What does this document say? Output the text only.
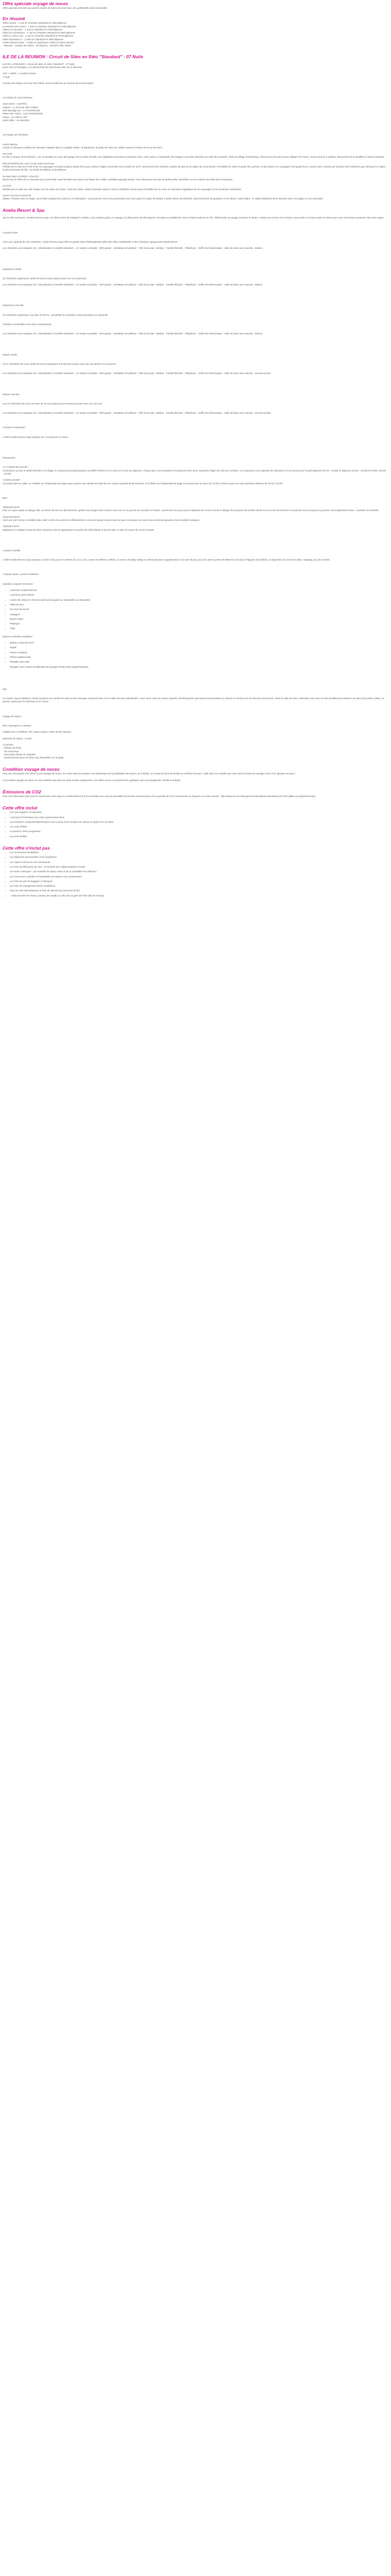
Offre spéciale voyage de noces

Offre spéciale réservée aux jeunes mariés de moins de neuf mois, des justificatifs seront demandés.

En résumé

Hôtel Austral - 1 nuit en Chambre Standard en Petit déjeuner

La Roches des Cimes - 1 nuit en Chambre Standard en Petit déjeuner

Hôtel La Fournaise - 1 nuit en Standard en Petit déjeuner

Hôtel Les Géraniums - 1 nuit en Chambre Standard en Petit déjeuner

Hôtel Le Vieux Cep - 1 nuit en Chambre Standard en Petit déjeuner

Hôtel Alamanda 3* - 2 nuits en Standard en Petit déjeuner

Anelia Resort & Spa - 7 nuits en Supérieure Jardin en Demi-pension

- Réunion - Soutien de culture - Île Maurice - transfert offre Intilaa

ILE DE LA REUNION : Circuit de Sites en Stéo "Standard" - 07 Nuits

ILE DE LA REUNION : Circuit de Sites en Stéo "Standard" - 07 Nuits

Entre mer et montagne, à la découverte des plus beaux sites de la Réunion.

Vols + Hôtels + Location Voiture

7 Nuits

Carnets des étapes et le tour des hôtels seront confirmés au moment de la réservation

Les hôtels de votre itinéraire

Saint Denis : AUSTRAL

Salazie : LA ROCHE DES CIMES

Sud Sauvage Est : LA FOURNAISE

Plaine des Cafres : LES GERANIUMS

Cilaos : LE VIEUX CEP

Saint Gilles : ALAMANDA

Les étapes de l'itinéraire

SAINT DENIS

Arrivée à l'aéroport et début de l'aventure. Balade dans la Capitale créole : le Barachois, le jardin de l'état, les vieilles maisons créoles de la rue de Paris...

SALAZIE

Un des 3 cirques de la Réunion : par sa situation au cœur des gorges de la rivière du Mât, une végétation luxuriante et présente avec, entre autres, le spectacle des longues cascades blanches du Voile de la Mariée. Visite du village d'Hell-Bourg, classé parmi les plus beaux villages de France. Avant d'arriver à Salazie, découverte de la Vanillerie à Sainte-Suzanne.

DÉCOUVERTE DE L'EST et DU SUD SAUVAGE

Profitez de la côte Est et l'Ile et de ses paysages escarpés jusqu'à Sainte Rose pour admirer l'église encerclée de la coulée de 1977. Découverte des récentes coulées de lave de la région du Grand Brulé. Possibilité de visiter le jardin des parfums et des épices en compagnie d'un guide local. Leurrés miel, montée par la plaine des Palmistes pour découvrir la région la plus luxuriante de l'île : les forêts de Bébour et de Bélouve.

PLAINE DES CAFRES / VOLCAN

Route vers le Piton de la Fournaise par la très belle route forestière qui mène à la Plaine des sables, véritable paysage lunaire. Puis découverte du Pas de Bellecombe, belvédère sur les cratères du Piton de la Fournaise.

CILAOS

Montée par la route aux 400 virages vers le cirque de Cilaos. Visite de Cilaos, station thermale située à 1220 m d'altitude connue pour le lentillet de ses eaux, le spectacle magnifique de ses paysages et ses broderies artisanales.

SAINT GILLES et MAFATE

Mafate, l'histoire avec le cirque, accessible uniquement à pied ou en hélicoptère. Vous pourrez vivre une promenade sans vous plaire le cirque de Mafate à 3000 mètres de dénivelé, impressionnant de grandeur et de silence. Saint-Gilles : le station balnéaire de la Réunion avec ses plages et son animation.

Anelia Resort & Spa

Sur la côte sud-ouest, l'Anelia Resort & Spa, est hôtel récent de catégorie 4 étoiles, vous séduira grâce un voyage à la découverte de l'Ile Maurice. Rustique et traditionnel, tout en étant moderne et chic, l'hôtel invite au voyage à travers le temps. Anelia vous convie vers histoire, vous invite à en faire partie et espère que vous vivrez bons souvenirs des votre séjour.

L'espace privé

Avec une capacité de 150 chambres, Anelia Resort & Spa offre un grand choix d'hébergement allant des villas individuelles à des chambres typiquement Mauriciennes.

Les chambres sont équipées de : Climatisation à contrôle individuel - L'é simple ou double - WiFi gratuit - Ventilateur de plafond - Télé écran plat - Minibar - Facilité thé/café - Téléphone - Coffre-fort électronique - salle de bains avec douche - Balcon

Supérieure Jardin

12 Chambres Supérieure Jardin de 30 m2 (avec balcon privé vue sur la piscine)

Les chambres sont équipées de : Climatisation à contrôle individuel - L'é simple ou double - WiFi gratuit - Ventilateur de plafond - Télé écran plat - Minibar - Facilité thé/café - Téléphone - Coffre-fort électronique - salle de bains avec douche - Balcon.

Supérieure Vue Mer

44 Chambres Supérieure Vue Mer de 30 m2 - possibilité de chambres communicantes sur demande.

Chambre confortable et de style contemporain.

Les chambres sont équipées de : Climatisation à contrôle individuel - L'é simple ou double - WiFi gratuit - Ventilateur de plafond - Télé écran plat - Minibar - Facilité thé/café - Téléphone - Coffre-fort électronique - salle de bains avec douche - Balcon.

Deluxe Jardin

Les 8 Chambres de Luxe Jardin de 40 m2 proposent une terrasse privée avec une vue directe sur la piscine.

Les chambres sont équipées de : Climatisation à contrôle individuel - L'é simple ou double - WiFi gratuit - Ventilateur de plafond - Télé écran plat - Minibar - Facilité thé/café - Téléphone - Coffre-fort électronique - salle de bains avec douche - terrasse privée.

Deluxe Vue Mer

Les 20 Chambres de Luxe Vue Mer de 40 m2 proposent une terrasse privée avec une vue mer.

Les chambres sont équipées de : Climatisation à contrôle individuel - L'é simple ou double - WiFi gratuit - Ventilateur de plafond - Télé écran plat - Minibar - Facilité thé/café - Téléphone - Coffre-fort électronique - salle de bains avec douche - terrasse privée.

L'espace restauration

L'hôtel Anelia Resort & Spa dispose de 2 restaurants et 3 bars.

Restaurants

"LA TOQUE BLANCHE"

S'aventurer au plus le aéliant derrière et la plage, le restaurant principal propose un buffet à thème et un menu à la carte au déjeuner. Chaque jour, une animation est proposée ainsi qu'un spectacle l'aigle une fois par semaine. Le restaurant a une capacité de 250 places et est ouvert pour le petit déjeuner (07:00 - 10:00), le déjeuner (12:00 - 15:00) et le dîner (19:00 - 22:00).

"L'ESPLANADE"

Les pieds dans le sable, Le Grillade sur l'Esplanade de plage vous propose une variété de fruits de mer. D'une capacité de 80 couverts, le Grillade sur l'Esplanade de plage est ouvert tous les jours de 12:00 à 15:00 et pour les nuits spéciales d'Eaurie de 19:00 à 22:00.

Bars

"BURGER BAR"

Pour un repas rapide au Burger Bar, en hesse de bain ou décontractée, goûtez aux burgers faits maison avec vue sur la piscine en cascade en frutuel. Ouvert tous les jours pour le déjeuner de 12:00 à 15:00, le Burger Bar propose de la bière locale et un service de boissons à la piscine tout au long de la journée. Sont également inclus : cocktails et mocktails.

"DOLPHIN BAR"

Avec une vue l'océan, le Dolphin Bar, situé à côté de la piscine a débordement, est ouvert jusqu'à minuit tous les jours et propose un vaste menu d'amuse-gueules et de cocktails exotiques.

"SUNSET BAR"

Dégustez un cocktail à base de rhum mauricien tout en appréciant le coucher de soleil depuis le Sunset Bar. Le Bar est ouvert de 10.00 à minuit.

L'espace Famille

L'hôtel Anelia Resort & Spa propose un Kids Club pour les enfants de 3 à 11 ans, ouvert de 09h00 à 18h00, un service de baby-sitting sur demande (avec supplément) et une aire de jeux pour les ados ouverte de 8h00 tous les jours d'égayés d'un billard, un baby-foot, du tennis de table, mahjong, jeux de société...

L'Espace Sport, Loisirs et Détente

Activités et Sports Terrestres :

• 2 piscines à débordement
• 1 piscines pour enfants
• Centre de remise en forme (coach privé payant sur disponible sur demande)
• Table de jeux
• Un court de tennis
• Aquagym
• Beach volley
• Pétanque
• Yoga

Sports & Activités Nautiques :

• Bateau à fond de verre
• Kayak
• Sortie en bateau
• Pêche traditionnelle
• Plongée avec tuba
• Plongée sous-marine (certification de plongée PADI) (coût supplémentaire)

Spa

Le Garden Spa & Wellness Centre propose une variété de soins et de massages relaxants dans ses 6 salles de soin individuelles. Vous serez entre les mains expertes de thérapeutes qui sauront personnaliser la séance en fonction de vos besoins personnels. Outre la salle de soins, détendez-vous dans le bain bouillonnant extérieur au cœur d'un jardin calfeur, au jacuzzi, optez pour le hammam ou le sauna.

Voyage de Noces

Mes Avantages & Cadeaux :

Valable (voir Conditions Très Haute Saison / Dites de Bo-Homes).

Minimum de séjour : 6 nuits

A l'arrivée :

- Plateau de fruits

- Vin mousseux

- Décoration florale en chambre

- Surclassement pour un dîner aux chandelles sur la plage

Condition voyage de noces

Pour une réservation des offres et prix voyage de noces, les noces devront produire une photocopie de la publication des bancs ou à défaut, un extrait du livret de famille ou certificat de pacs. Celle-ci(i) n'est valable que mois après la date du mariage et pas à la signature du pacs.

Les produits voyage de noces ne sont valables que pour les deux mariés uniquement. Ces offres et prix ne peuvent être appliqués aux accompagnants, famille et enfants.

Émissions de CO2

Pour une information plus précise concernant votre trajet en conformément à la loi Grenelle vous avez la possibilité de prendre connaissance de la quantité de CO2 consommée en cliquant sur le lien suivant : http://www.eco.mi nister.gouv.fr/calculateur/CalculateurCO2.htm (Bilan et programme.htm)

Cette offre inclut
• Les vols réguliers Air Mauritius
• L'accueil et l'assistance par notre représentant local
• Les transferts Aéroport/Hôtel/Aéroport sauf si prise d'une location de voiture en option lors du devis
• Les nuits d'hôtel
• La pension selon programme
• Les nuits d'hôtel
Cette offre n'inclut pas
• Les assurances facultatives
• Les dépenses personnelles et les pourboires
• Les repas et boissons non mentionnés
• Les frais de délivrance de visa - en fonction des réglementations locales
• Les taxes d'aéroport - pré-contrôle de séjour selon la loi au préalable et la décision
• Les excursions, activités et éventuelles prestations non mentionnées
• Les frais de port de bagages à l'aéroport
• Les frais de changement (selon conditions)
• Pour les vols internationaux et frais de dossier par personne (PTK)
• - Votre transfert de Roissy Charles de Gaulle ou Orly vers la gare de Paris (Île-de-France)
